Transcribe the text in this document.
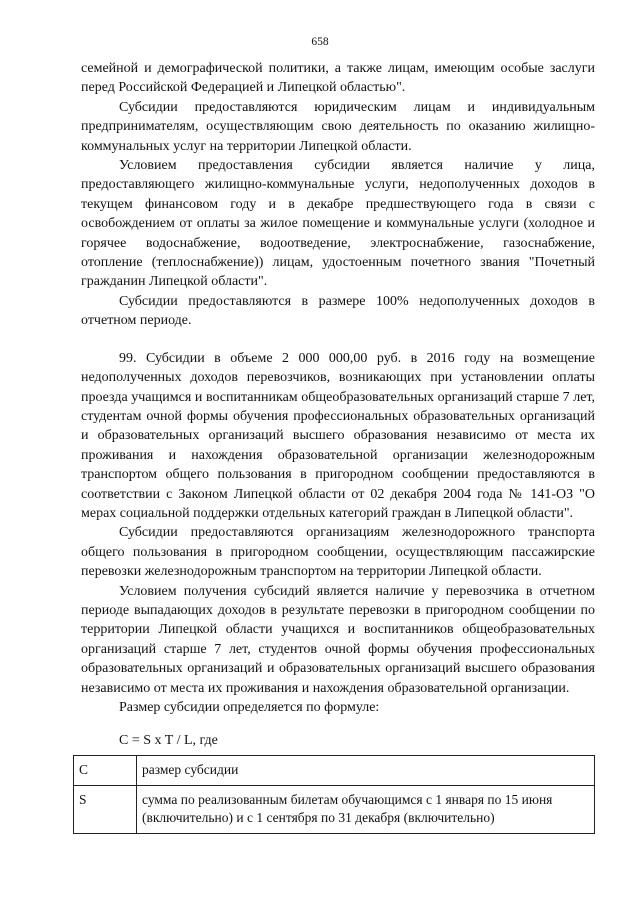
658

семейной и демографической политики, а также лицам, имеющим особые заслуги перед Российской Федерацией и Липецкой областью".

Субсидии предоставляются юридическим лицам и индивидуальным предпринимателям, осуществляющим свою деятельность по оказанию жилищно-коммунальных услуг на территории Липецкой области.

Условием предоставления субсидии является наличие у лица, предоставляющего жилищно-коммунальные услуги, недополученных доходов в текущем финансовом году и в декабре предшествующего года в связи с освобождением от оплаты за жилое помещение и коммунальные услуги (холодное и горячее водоснабжение, водоотведение, электроснабжение, газоснабжение, отопление (теплоснабжение)) лицам, удостоенным почетного звания "Почетный гражданин Липецкой области".

Субсидии предоставляются в размере 100% недополученных доходов в отчетном периоде.

99. Субсидии в объеме 2 000 000,00 руб. в 2016 году на возмещение недополученных доходов перевозчиков, возникающих при установлении оплаты проезда учащимся и воспитанникам общеобразовательных организаций старше 7 лет, студентам очной формы обучения профессиональных образовательных организаций и образовательных организаций высшего образования независимо от места их проживания и нахождения образовательной организации железнодорожным транспортом общего пользования в пригородном сообщении предоставляются в соответствии с Законом Липецкой области от 02 декабря 2004 года № 141-ОЗ "О мерах социальной поддержки отдельных категорий граждан в Липецкой области".

Субсидии предоставляются организациям железнодорожного транспорта общего пользования в пригородном сообщении, осуществляющим пассажирские перевозки железнодорожным транспортом на территории Липецкой области.

Условием получения субсидий является наличие у перевозчика в отчетном периоде выпадающих доходов в результате перевозки в пригородном сообщении по территории Липецкой области учащихся и воспитанников общеобразовательных организаций старше 7 лет, студентов очной формы обучения профессиональных образовательных организаций и образовательных организаций высшего образования независимо от места их проживания и нахождения образовательной организации.

Размер субсидии определяется по формуле:

C = S x T / L, где

C	размер субсидии
S	сумма по реализованным билетам обучающимся с 1 января по 15 июня (включительно) и с 1 сентября по 31 декабря (включительно)
